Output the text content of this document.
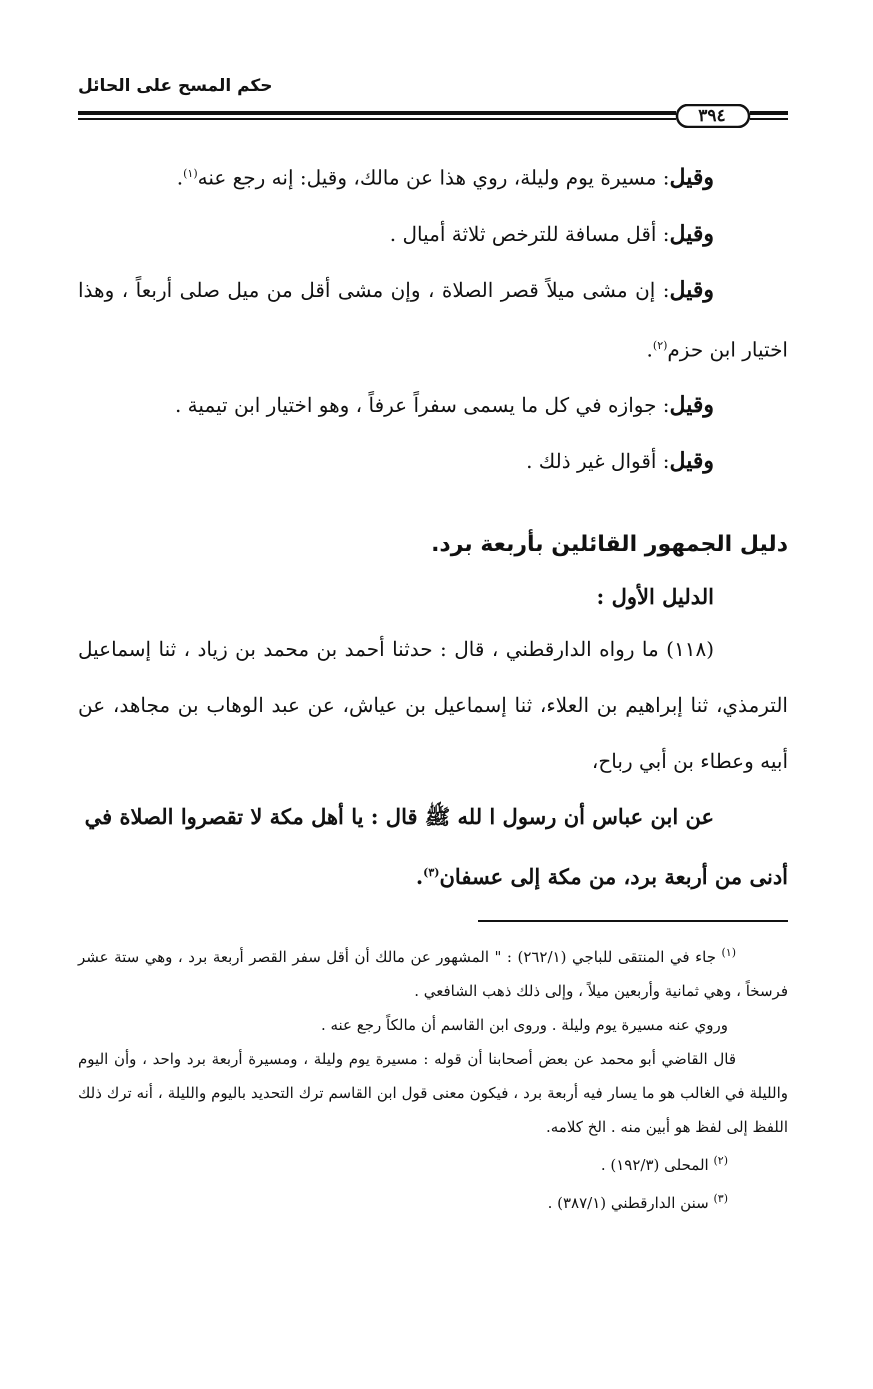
حكم المسح على الحائل
٣٩٤

وقيل: مسيرة يوم وليلة، روي هذا عن مالك، وقيل: إنه رجع عنه$^{(١)}$.

وقيل: أقل مسافة للترخص ثلاثة أميال .

وقيل: إن مشى ميلاً قصر الصلاة ، وإن مشى أقل من ميل صلى أربعاً ، وهذا اختيار ابن حزم$^{(٢)}$.

وقيل: جوازه في كل ما يسمى سفراً عرفاً ، وهو اختيار ابن تيمية .

وقيل: أقوال غير ذلك .

دليل الجمهور القائلين بأربعة برد.
الدليل الأول :

(١١٨) ما رواه الدارقطني ، قال : حدثنا أحمد بن محمد بن زياد ، ثنا إسماعيل الترمذي، ثنا إبراهيم بن العلاء، ثنا إسماعيل بن عياش، عن عبد الوهاب بن مجاهد، عن أبيه وعطاء بن أبي رباح،

عن ابن عباس أن رسول ا لله ﷺ قال : يا أهل مكة لا تقصروا الصلاة في أدنى من أربعة برد، من مكة إلى عسفان$^{(٣)}$.

$^{(١)}$ جاء في المنتقى للباجي (٢٦٢/١) : " المشهور عن مالك أن أقل سفر القصر أربعة برد ، وهي ستة عشر فرسخاً ، وهي ثمانية وأربعين ميلاً ، وإلى ذلك ذهب الشافعي .

وروي عنه مسيرة يوم وليلة . وروى ابن القاسم أن مالكاً رجع عنه .

قال القاضي أبو محمد عن بعض أصحابنا أن قوله : مسيرة يوم وليلة ، ومسيرة أربعة برد واحد ، وأن اليوم والليلة في الغالب هو ما يسار فيه أربعة برد ، فيكون معنى قول ابن القاسم ترك التحديد باليوم والليلة ، أنه ترك ذلك اللفظ إلى لفظ هو أبين منه . الخ كلامه.

$^{(٢)}$ المحلى (١٩٢/٣) .

$^{(٣)}$ سنن الدارقطني (٣٨٧/١) .
